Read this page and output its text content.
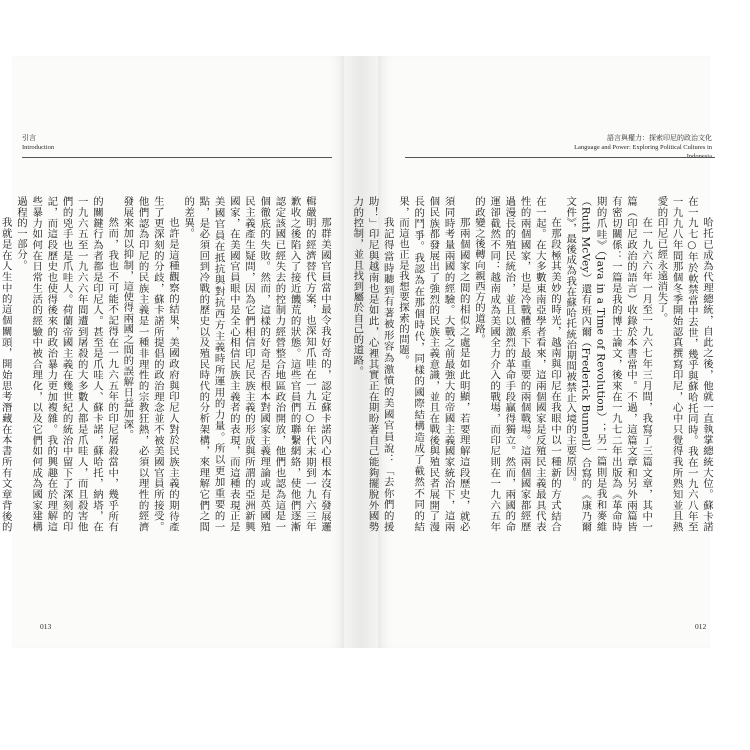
引言
Introduction
語言與權力：探索印尼的政治文化
Language and Power: Exploring Political Cultures in

那群美國官員當中最令我好奇的，認定蘇卡諾內心根本沒有發展邏輯嚴明的經濟替代方案，也深知爪哇在一九五○年代末期到一九六三年歉收之後陷入了接近饑荒的狀態。這些官員們的聯繫網絡，使他們逐漸認定該國已經失去的控制力經營整合地區政治開放，他們也認為這是一個徹底的失敗。然而，這樣的好奇是否根本對國家主義理論或是英國殖民主義產生疑問，因為它們相信印尼民族主義的形成與所謂的亞洲新興國家，在美國官員眼中是全心相信民族主義者的表現，而這種表現正是美國官員在抵抗與對抗西方主義時所運用的力量。所以更加重要的一點，是必須回到冷戰的歷史以及殖民時代的分析架構，來理解它們之間的差異。

也許是這種觀察的結果，美國政府與印尼人對於民族主義的期待產生了更深刻的分歧，蘇卡諾所提倡的政治理念並不被美國官員所接受。他們認為印尼的民族主義是一種非理性的宗教狂熱，必須以理性的經濟發展來加以抑制，這使得兩國之間的誤解日益加深。

然而，我也不可能不記得在一九六五年的印尼屠殺當中，幾乎所有的關鍵行為者都是印尼人。甚至是爪哇人、蘇卡諾，蘇哈托，納塔，在一九六五至一九六六年間遭到屠殺的大多數人都是爪哇人，而且殺害他們的兇手也是爪哇人。荷蘭帝國主義在幾世紀的統治中留下了深刻的印記，而這段歷史也使得後來的政治暴力更加複雜。我的興趣在於理解這些暴力如何在日常生活的經驗中被合理化，以及它們如何成為國家建構過程的一部分。

我就是在人生中的這個關頭，開始思考潛藏在本書所有文章背後的	哈托已成為代理總統，自此之後，他就一直執掌總統大位。蘇卡諾在一九七○年於軟禁當中去世，幾乎與蘇哈托同時。我在一九六八年至一九九八年間那個冬季開始認真撰寫印尼，心中只覺得我所熟知並且熱愛的印尼已經永遠消失了。

在一九六六年一月至一九六七年三月間，我寫了三篇文章，其中一篇（印尼政治的語言）收錄於本書當中。不過，這篇文章和另外兩篇皆有密切關係：一篇是我的博士論文，後來在一九七二年出版為《革命時期的爪哇》（Java in a Time of Revolution）；另一篇則是我和麥維（Ruth McVey）還有班內爾（Frederick Bunnell）合寫的《康乃爾文件》，最後成為我在蘇哈托統治期間被禁止入境的主要原因。

在那段極其美妙的時光，越南與印尼在我眼中以一種新的方式結合在一起。在大多數東南亞學者看來，這兩個國家是反殖民主義最具代表性的兩個國家，也是冷戰體系下最重要的兩個戰場。這兩個國家都經歷過漫長的殖民統治，並且以激烈的革命手段贏得獨立。然而，兩國的命運卻截然不同：越南成為美國全力介入的戰場，而印尼則在一九六五年的政變之後轉向親西方的道路。

那兩個國家之間的相似之處是如此明顯，若要理解這段歷史，就必須同時考量兩國的經驗。大戰之前最強大的帝國主義國家統治下，這兩個民族都發展出了強烈的民族主義意識，並且在戰後與殖民者展開了漫長的鬥爭。我認為在那個時代，同樣的國際結構造成了截然不同的結果，而這也正是我想要探索的問題。

我記得當時聽到有著被形容為激憤的美國官員說：「去你們的援助！」印尼與越南也是如此，心裡其實正在期盼著自己能夠擺脫外國勢力的控制，並且找到屬於自己的道路。

013	012
